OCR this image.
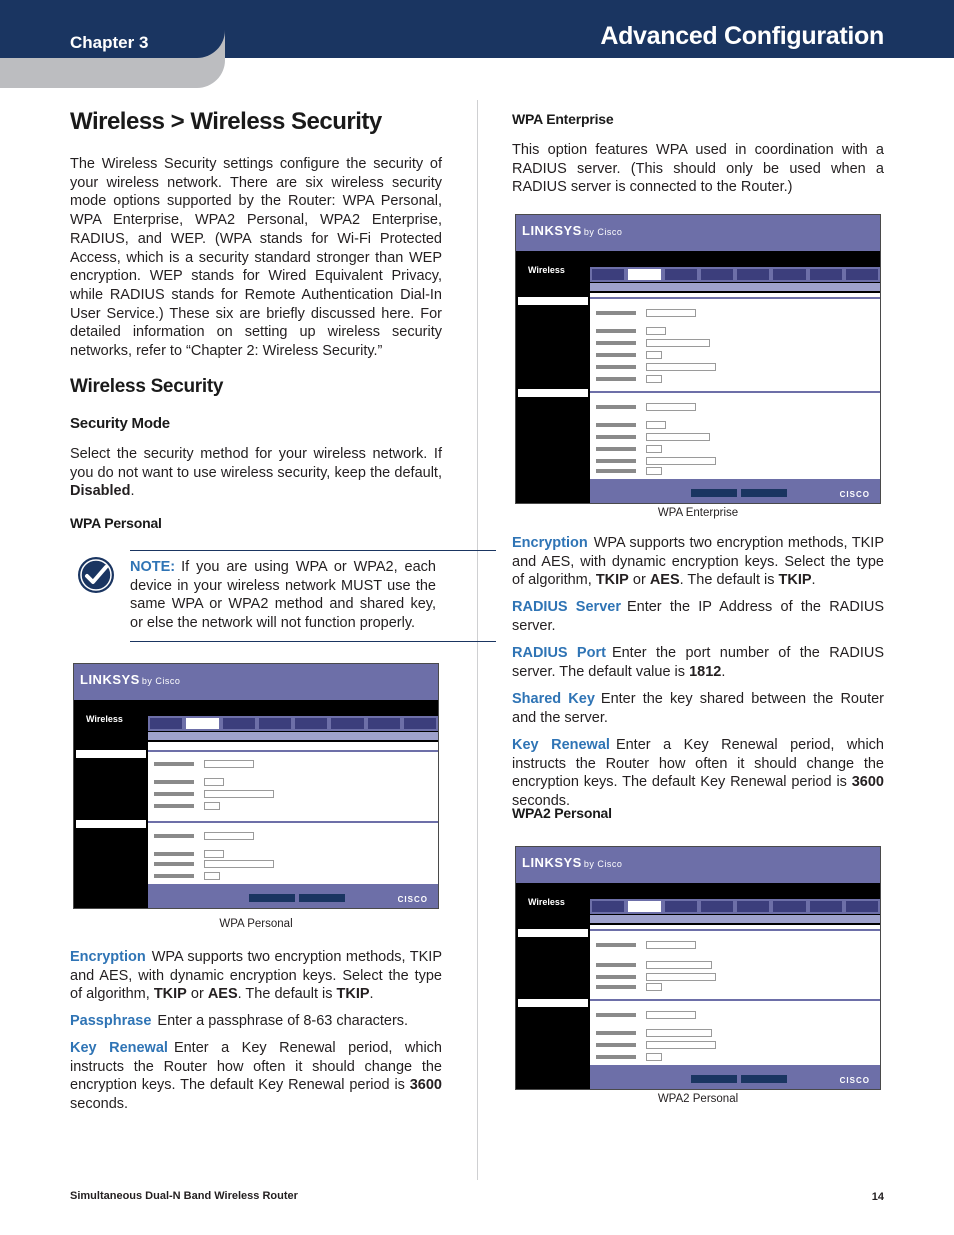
Chapter 3	Advanced Configuration
Wireless > Wireless Security
The Wireless Security settings configure the security of your wireless network. There are six wireless security mode options supported by the Router: WPA Personal, WPA Enterprise, WPA2 Personal, WPA2 Enterprise, RADIUS, and WEP. (WPA stands for Wi-Fi Protected Access, which is a security standard stronger than WEP encryption. WEP stands for Wired Equivalent Privacy, while RADIUS stands for Remote Authentication Dial-In User Service.) These six are briefly discussed here. For detailed information on setting up wireless security networks, refer to “Chapter 2: Wireless Security.”
Wireless Security
Security Mode
Select the security method for your wireless network. If you do not want to use wireless security, keep the default, Disabled.
WPA Personal
NOTE: If you are using WPA or WPA2, each device in your wireless network MUST use the same WPA or WPA2 method and shared key, or else the network will not function properly.
LINKSYS by Cisco
Wireless
CISCO
WPA Personal
Encryption WPA supports two encryption methods, TKIP and AES, with dynamic encryption keys. Select the type of algorithm, TKIP or AES. The default is TKIP.
Passphrase Enter a passphrase of 8-63 characters.
Key Renewal Enter a Key Renewal period, which instructs the Router how often it should change the encryption keys. The default Key Renewal period is 3600 seconds.
WPA Enterprise
This option features WPA used in coordination with a RADIUS server. (This should only be used when a RADIUS server is connected to the Router.)
LINKSYS by Cisco
Wireless
CISCO
WPA Enterprise
Encryption WPA supports two encryption methods, TKIP and AES, with dynamic encryption keys. Select the type of algorithm, TKIP or AES. The default is TKIP.
RADIUS Server Enter the IP Address of the RADIUS server.
RADIUS Port Enter the port number of the RADIUS server. The default value is 1812.
Shared Key Enter the key shared between the Router and the server.
Key Renewal Enter a Key Renewal period, which instructs the Router how often it should change the encryption keys. The default Key Renewal period is 3600 seconds.
WPA2 Personal
LINKSYS by Cisco
Wireless
CISCO
WPA2 Personal
Simultaneous Dual-N Band Wireless Router	14
